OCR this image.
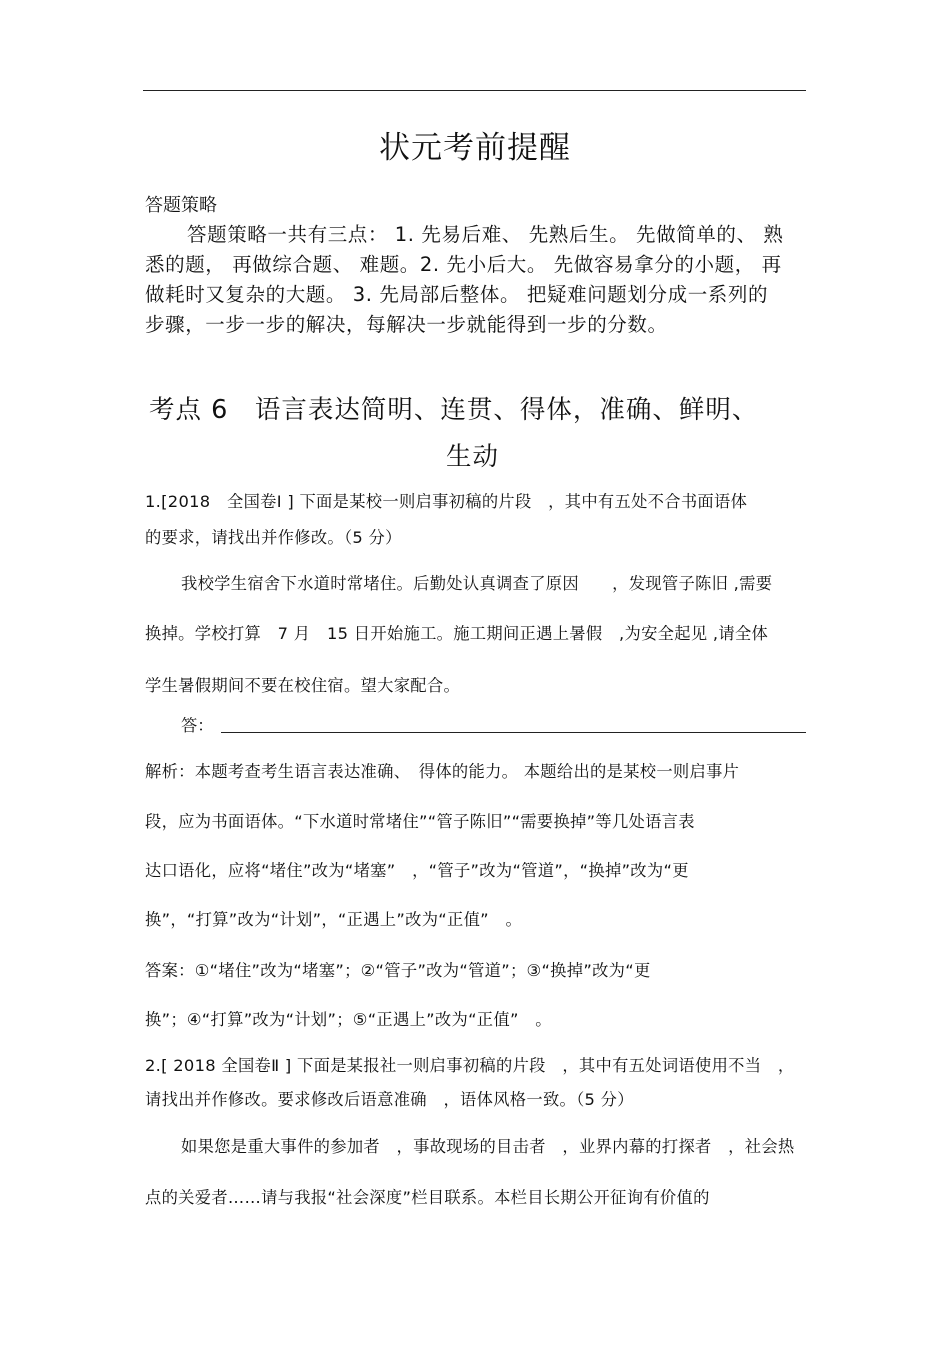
状元考前提醒
答题策略
答题策略一共有三点： 1. 先易后难、 先熟后生。 先做简单的、 熟
悉的题， 再做综合题、 难题。2. 先小后大。 先做容易拿分的小题， 再
做耗时又复杂的大题。 3. 先局部后整体。 把疑难问题划分成一系列的
步骤，一步一步的解决，每解决一步就能得到一步的分数。
考点 6　语言表达简明、连贯、得体，准确、鲜明、
生动
1.[2018　全国卷Ⅰ ] 下面是某校一则启事初稿的片段　，其中有五处不合书面语体
的要求，请找出并作修改。（5 分）
我校学生宿舍下水道时常堵住。后勤处认真调查了原因　　，发现管子陈旧 ,需要
换掉。学校打算　7 月　15 日开始施工。施工期间正遇上暑假　,为安全起见 ,请全体
学生暑假期间不要在校住宿。望大家配合。
答：
解析：本题考查考生语言表达准确、　得体的能力。 本题给出的是某校一则启事片
段，应为书面语体。“下水道时常堵住”“管子陈旧”“需要换掉”等几处语言表
达口语化，应将“堵住”改为“堵塞”　，“管子”改为“管道”，“换掉”改为“更
换”，“打算”改为“计划”，“正遇上”改为“正值”　。
答案：①“堵住”改为“堵塞”；②“管子”改为“管道”；③“换掉”改为“更
换”；④“打算”改为“计划”；⑤“正遇上”改为“正值”　。
2.[ 2018 全国卷Ⅱ ] 下面是某报社一则启事初稿的片段　，其中有五处词语使用不当　，
请找出并作修改。要求修改后语意准确　，语体风格一致。（5 分）
如果您是重大事件的参加者　，事故现场的目击者　，业界内幕的打探者　，社会热
点的关爱者……请与我报“社会深度”栏目联系。本栏目长期公开征询有价值的
